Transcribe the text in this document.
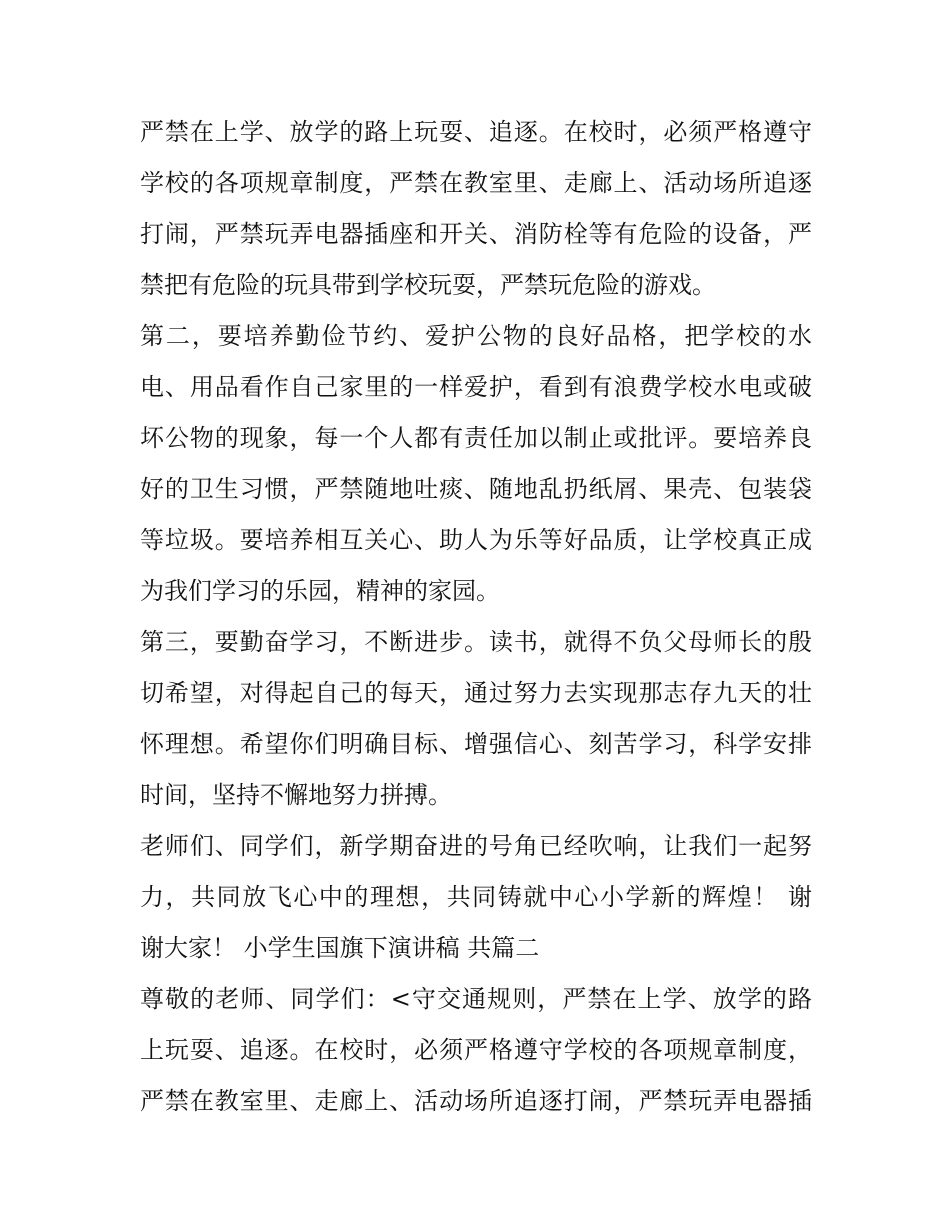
严禁在上学、放学的路上玩耍、追逐。在校时，必须严格遵守
学校的各项规章制度，严禁在教室里、走廊上、活动场所追逐
打闹，严禁玩弄电器插座和开关、消防栓等有危险的设备，严
禁把有危险的玩具带到学校玩耍，严禁玩危险的游戏。
第二，要培养勤俭节约、爱护公物的良好品格，把学校的水
电、用品看作自己家里的一样爱护，看到有浪费学校水电或破
坏公物的现象，每一个人都有责任加以制止或批评。要培养良
好的卫生习惯，严禁随地吐痰、随地乱扔纸屑、果壳、包装袋
等垃圾。要培养相互关心、助人为乐等好品质，让学校真正成
为我们学习的乐园，精神的家园。
第三，要勤奋学习，不断进步。读书，就得不负父母师长的殷
切希望，对得起自己的每天，通过努力去实现那志存九天的壮
怀理想。希望你们明确目标、增强信心、刻苦学习，科学安排
时间，坚持不懈地努力拼搏。
老师们、同学们，新学期奋进的号角已经吹响，让我们一起努
力，共同放飞心中的理想，共同铸就中心小学新的辉煌！ 谢
谢大家！ 小学生国旗下演讲稿 共篇二
尊敬的老师、同学们：<守交通规则，严禁在上学、放学的路
上玩耍、追逐。在校时，必须严格遵守学校的各项规章制度，
严禁在教室里、走廊上、活动场所追逐打闹，严禁玩弄电器插
